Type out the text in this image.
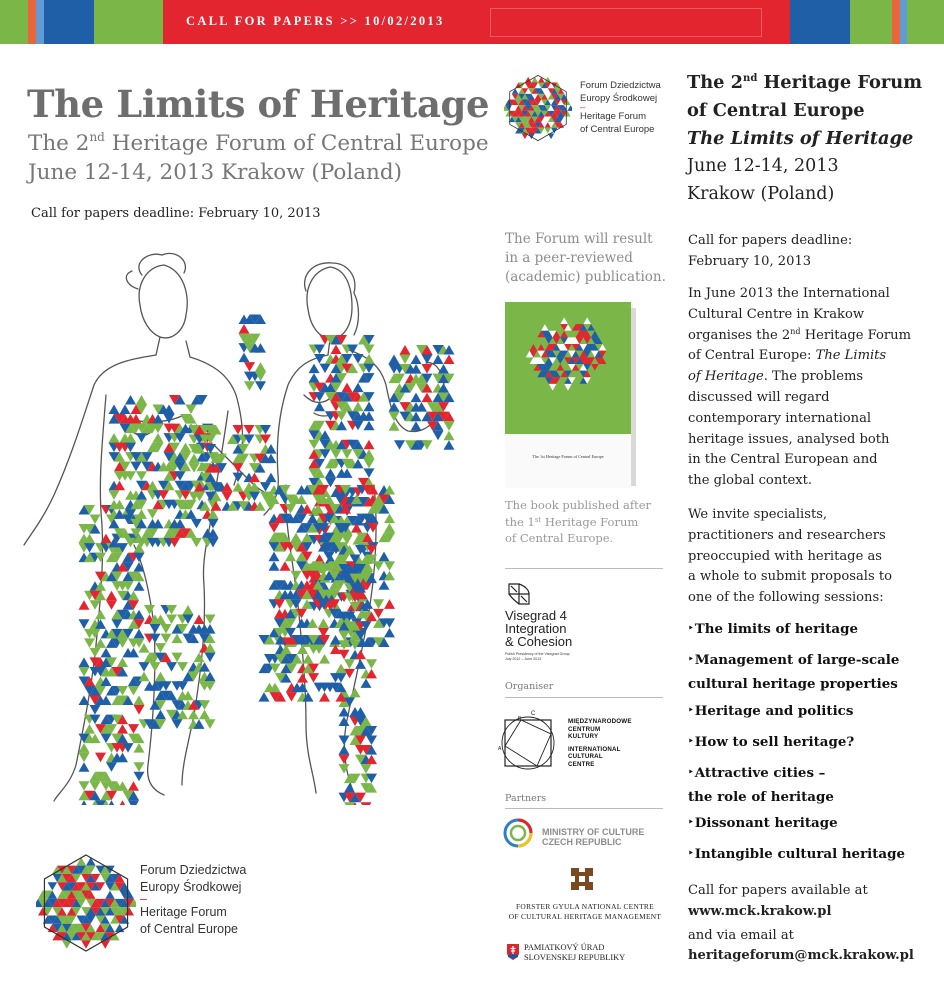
CALL FOR PAPERS >> 10/02/2013
The Limits of Heritage
The 2nd Heritage Forum of Central Europe
June 12-14, 2013 Krakow (Poland)
Call for papers deadline: February 10, 2013
Forum Dziedzictwa
Europy Środkowej
–
Heritage Forum
of Central Europe
Forum Dziedzictwa
Europy Środkowej
–
Heritage Forum
of Central Europe
The Forum will result
in a peer-reviewed
(academic) publication.
The 1st Heritage Forum of Central Europe
The book published after
the 1st Heritage Forum
of Central Europe.
Visegrad 4
Integration
& Cohesion
Polish Presidency of the Visegrad Group
July 2012 – June 2013
Organiser
C
B
A
MIĘDZYNARODOWE
CENTRUM
KULTURY
INTERNATIONAL
CULTURAL
CENTRE
Partners
MINISTRY OF CULTURE
CZECH REPUBLIC
FORSTER GYULA NATIONAL CENTRE
OF CULTURAL HERITAGE MANAGEMENT
PAMIATKOVÝ ÚRAD
SLOVENSKEJ REPUBLIKY
The 2nd Heritage Forum
of Central Europe
The Limits of Heritage
June 12-14, 2013
Krakow (Poland)
Call for papers deadline:
February 10, 2013
In June 2013 the International
Cultural Centre in Krakow
organises the 2nd Heritage Forum
of Central Europe: The Limits
of Heritage. The problems
discussed will regard
contemporary international
heritage issues, analysed both
in the Central European and
the global context.
We invite specialists,
practitioners and researchers
preoccupied with heritage as
a whole to submit proposals to
one of the following sessions:
‣The limits of heritage
‣Management of large-scale
cultural heritage properties
‣Heritage and politics
‣How to sell heritage?
‣Attractive cities –
the role of heritage
‣Dissonant heritage
‣Intangible cultural heritage
Call for papers available at
www.mck.krakow.pl
and via email at
heritageforum@mck.krakow.pl
